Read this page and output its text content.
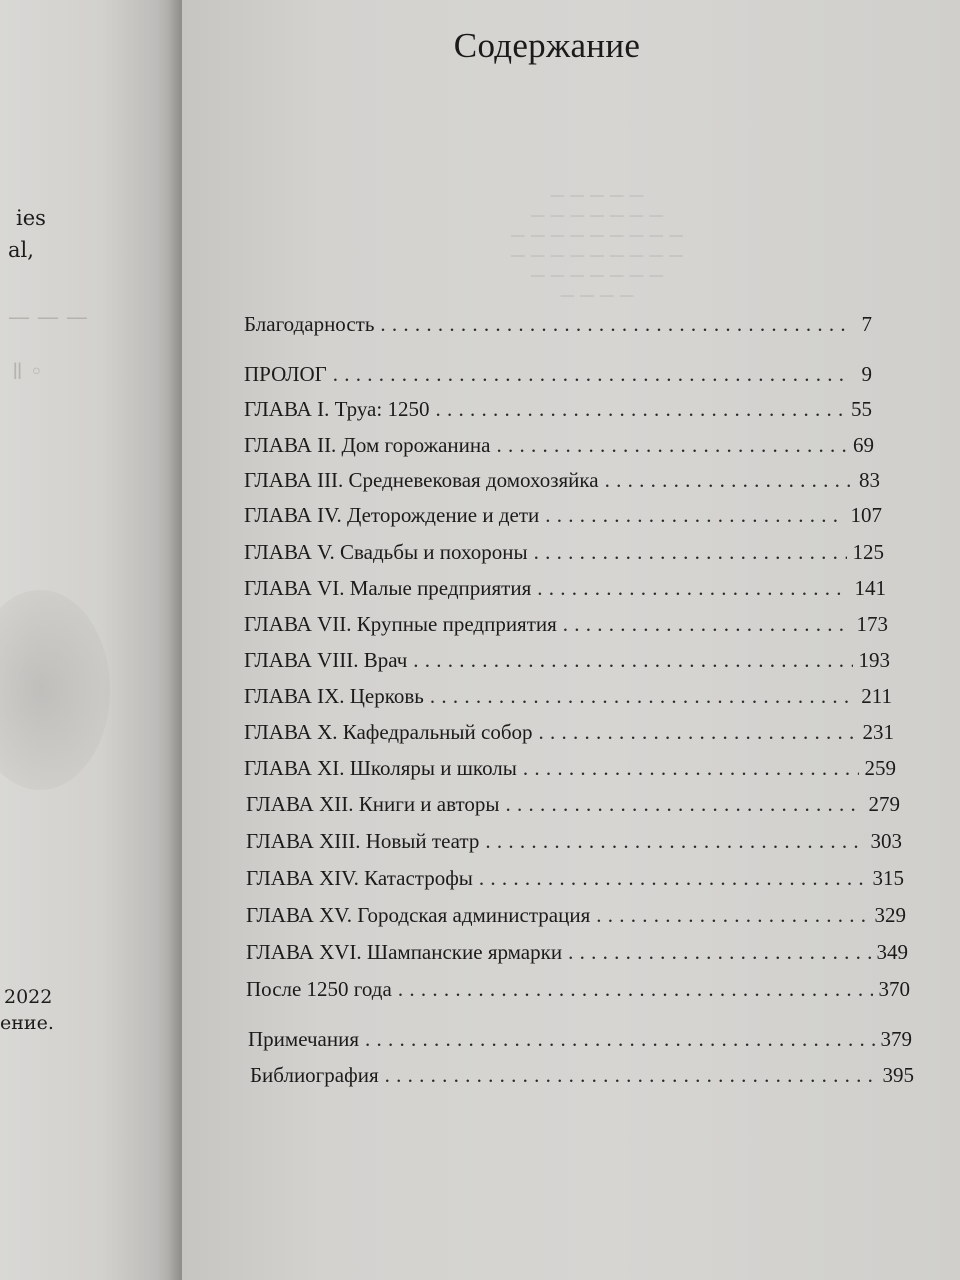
— — —
ǁ ◦
ies
al,
2022
ение.
Содержание
— — — — —
— — — — — — —
— — — — — — — — —
— — — — — — — — —
— — — — — — —
— — — —
Благодарность . . .	7
ПРОЛОГ . . .	9
ГЛАВА I. Труа: 1250 . . .	55
ГЛАВА II. Дом горожанина . . .	69
ГЛАВА III. Средневековая домохозяйка . . .	83
ГЛАВА IV. Деторождение и дети . . .	107
ГЛАВА V. Свадьбы и похороны . . .	125
ГЛАВА VI. Малые предприятия . . .	141
ГЛАВА VII. Крупные предприятия . . .	173
ГЛАВА VIII. Врач . . .	193
ГЛАВА IX. Церковь . . .	211
ГЛАВА X. Кафедральный собор . . .	231
ГЛАВА XI. Школяры и школы . . .	259
ГЛАВА XII. Книги и авторы . . .	279
ГЛАВА XIII. Новый театр . . .	303
ГЛАВА XIV. Катастрофы . . .	315
ГЛАВА XV. Городская администрация . . .	329
ГЛАВА XVI. Шампанские ярмарки . . .	349
После 1250 года . . .	370
Примечания . . .	379
Библиография . . .	395
